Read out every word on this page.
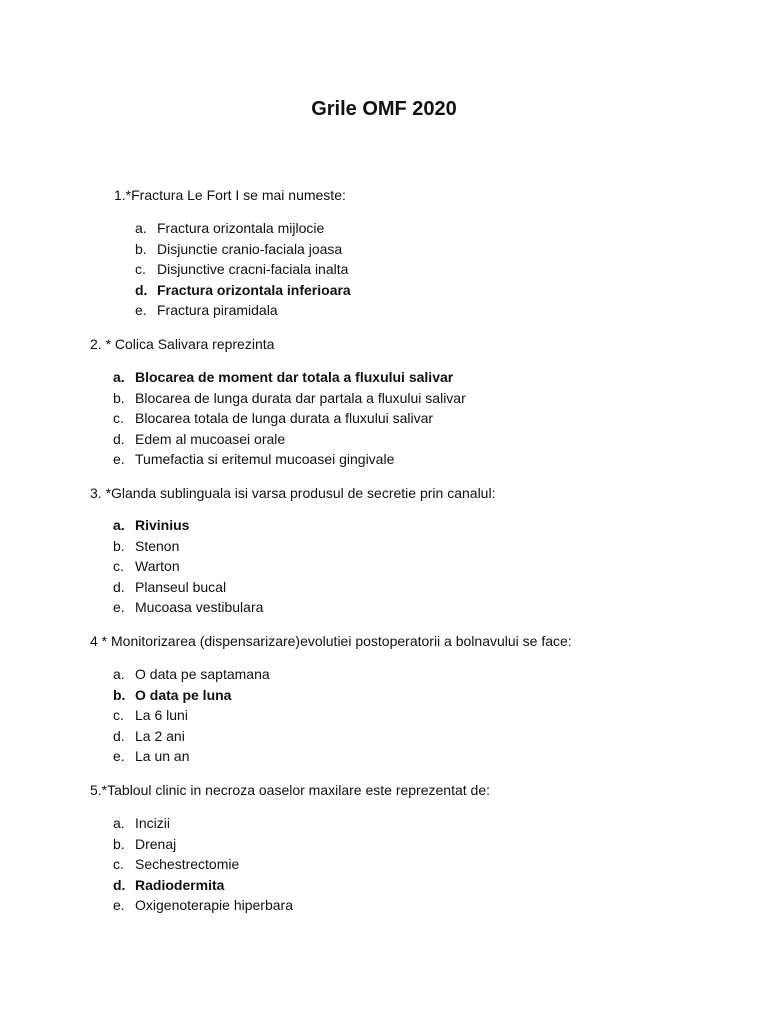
Grile OMF 2020
1.*Fractura Le Fort I se mai numeste:
a. Fractura orizontala mijlocie
b. Disjunctie cranio-faciala joasa
c. Disjunctive cracni-faciala inalta
d. Fractura orizontala inferioara
e. Fractura piramidala
2. * Colica Salivara reprezinta
a. Blocarea de moment dar totala a fluxului salivar
b. Blocarea de lunga durata dar partala a fluxului salivar
c. Blocarea totala de lunga durata a fluxului salivar
d. Edem al mucoasei orale
e. Tumefactia si eritemul mucoasei gingivale
3. *Glanda sublinguala isi varsa produsul de secretie prin canalul:
a. Rivinius
b. Stenon
c. Warton
d. Planseul bucal
e. Mucoasa vestibulara
4 * Monitorizarea (dispensarizare)evolutiei postoperatorii a bolnavului se face:
a. O data pe saptamana
b. O data pe luna
c. La 6 luni
d. La 2 ani
e. La un an
5.*Tabloul clinic in necroza oaselor maxilare este reprezentat de:
a. Incizii
b. Drenaj
c. Sechestrectomie
d. Radiodermita
e. Oxigenoterapie hiperbara
